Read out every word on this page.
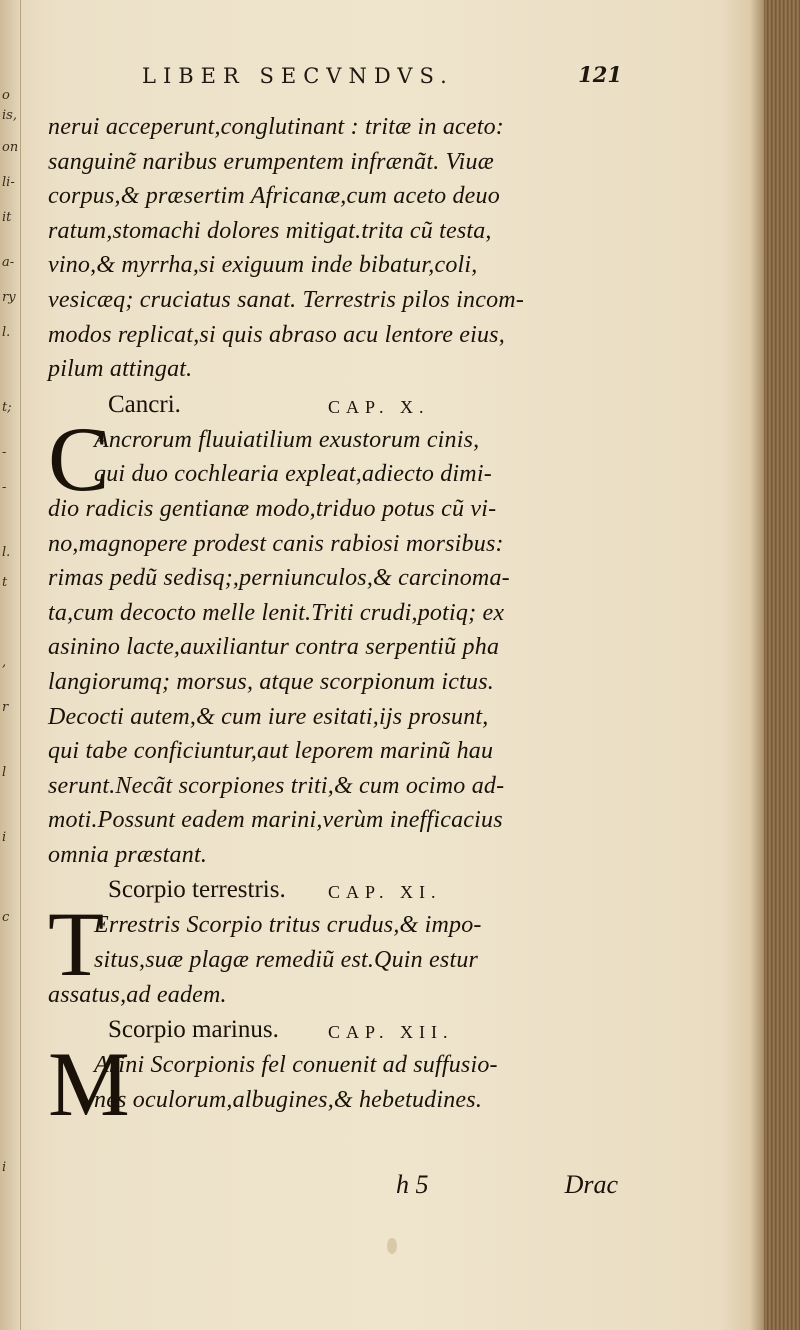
LIBER SECVNDVS.	121
nerui acceperunt,conglutinant : tritæ in aceto:
sanguinẽ naribus erumpentem infrænãt. Viuæ
corpus,& præsertim Africanæ,cum aceto deuo
ratum,stomachi dolores mitigat.trita cũ testa,
vino,& myrrha,si exiguum inde bibatur,coli,
vesicæq; cruciatus sanat. Terrestris pilos incom-
modos replicat,si quis abraso acu lentore eius,
pilum attingat.
Cancri.	CAP. X.
C
Ancrorum fluuiatilium exustorum cinis,
qui duo cochlearia expleat,adiecto dimi-
dio radicis gentianæ modo,triduo potus cũ vi-
no,magnopere prodest canis rabiosi morsibus:
rimas pedũ sedisq;,perniunculos,& carcinoma-
ta,cum decocto melle lenit.Triti crudi,potiq; ex
asinino lacte,auxiliantur contra serpentiũ pha
langiorumq; morsus, atque scorpionum ictus.
Decocti autem,& cum iure esitati,ijs prosunt,
qui tabe conficiuntur,aut leporem marinũ hau
serunt.Necãt scorpiones triti,& cum ocimo ad-
moti.Possunt eadem marini,verùm inefficacius
omnia præstant.
Scorpio terrestris. CAP. XI.
T
Errestris Scorpio tritus crudus,& impo-
situs,suæ plagæ remediũ est.Quin estur
assatus,ad eadem.
Scorpio marinus.	CAP. XII.
M
Arini Scorpionis fel conuenit ad suffusio-
nes oculorum,albugines,& hebetudines.
h 5	Drac
o
is,
on
li-
it
a-
ry
l.
t;
-
-
l.
t
,
r
l
i
c
i
